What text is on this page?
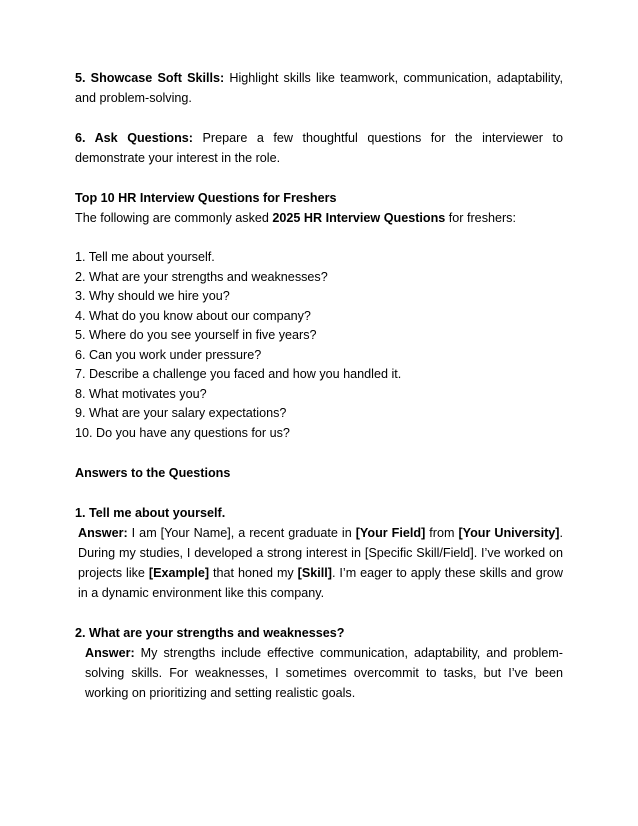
5. Showcase Soft Skills: Highlight skills like teamwork, communication, adaptability, and problem-solving.

6. Ask Questions: Prepare a few thoughtful questions for the interviewer to demonstrate your interest in the role.

Top 10 HR Interview Questions for Freshers

The following are commonly asked 2025 HR Interview Questions for freshers:

1. Tell me about yourself.
2. What are your strengths and weaknesses?
3. Why should we hire you?
4. What do you know about our company?
5. Where do you see yourself in five years?
6. Can you work under pressure?
7. Describe a challenge you faced and how you handled it.
8. What motivates you?
9. What are your salary expectations?
10. Do you have any questions for us?

Answers to the Questions

1. Tell me about yourself.

Answer: I am [Your Name], a recent graduate in [Your Field] from [Your University]. During my studies, I developed a strong interest in [Specific Skill/Field]. I’ve worked on projects like [Example] that honed my [Skill]. I’m eager to apply these skills and grow in a dynamic environment like this company.

2. What are your strengths and weaknesses?

Answer: My strengths include effective communication, adaptability, and problem-solving skills. For weaknesses, I sometimes overcommit to tasks, but I’ve been working on prioritizing and setting realistic goals.
